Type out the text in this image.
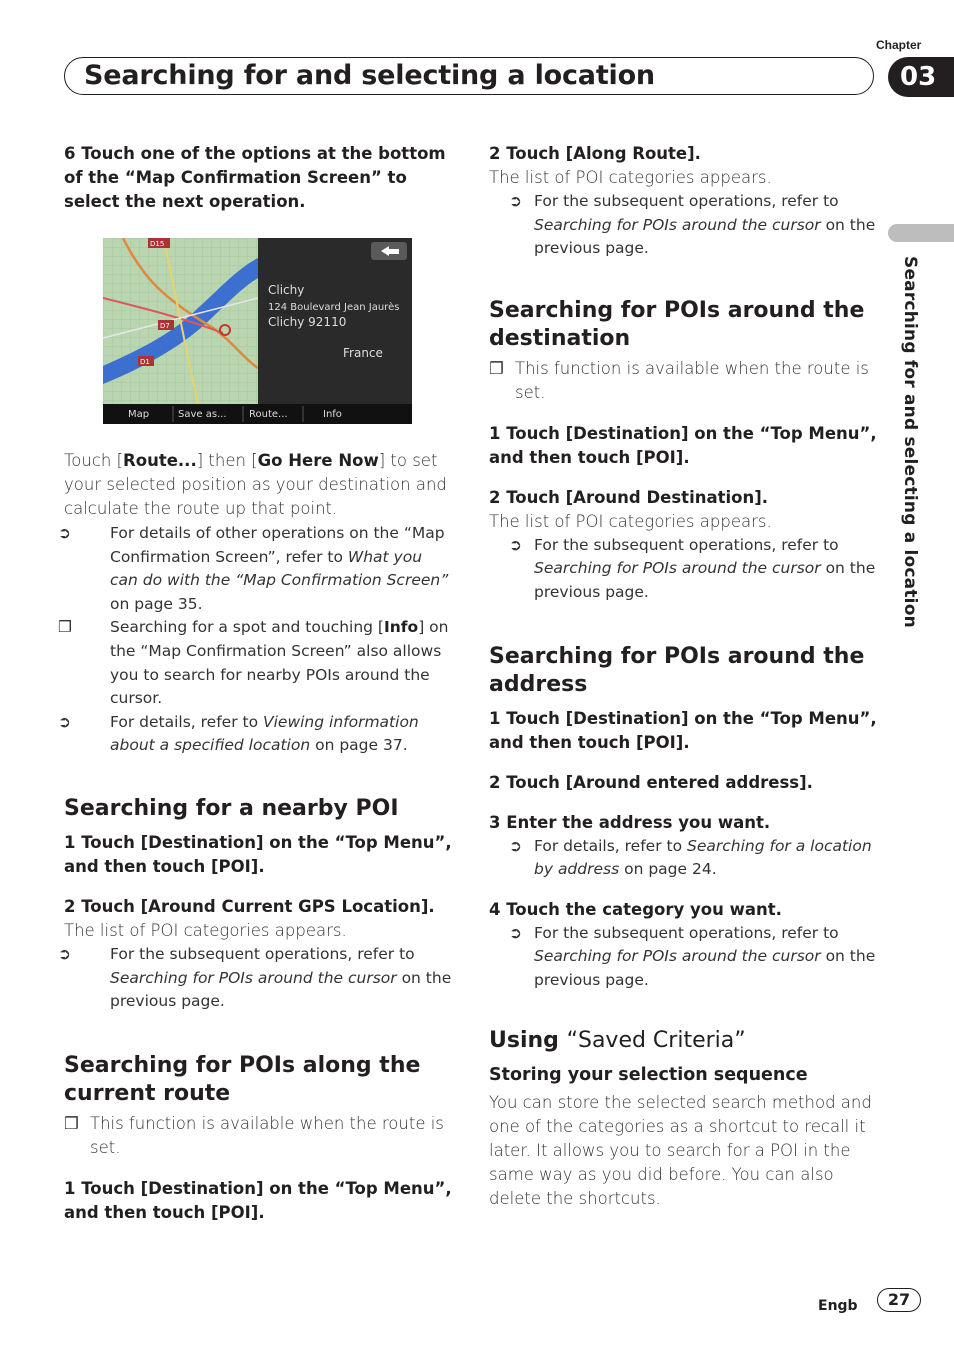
Chapter
Searching for and selecting a location	03
Searching for and selecting a location

6 Touch one of the options at the bottom of the “Map Confirmation Screen” to select the next operation.

D15
D7
D1
Clichy
124 Boulevard Jean Jaurès
Clichy 92110
France
Map	Save as... Route...	Info

Touch [Route...] then [Go Here Now] to set your selected position as your destination and calculate the route up that point.

➲	For details of other operations on the “Map Confirmation Screen”, refer to What you can do with the “Map Confirmation Screen” on page 35.
❒ Searching for a spot and touching [Info] on the “Map Confirmation Screen” also allows you to search for nearby POIs around the cursor.
➲	For details, refer to Viewing information about a specified location on page 37.
Searching for a nearby POI

1 Touch [Destination] on the “Top Menu”, and then touch [POI].

2 Touch [Around Current GPS Location].

The list of POI categories appears.

➲	For the subsequent operations, refer to Searching for POIs around the cursor on the previous page.
Searching for POIs along the current route
❒ This function is available when the route is set.

1 Touch [Destination] on the “Top Menu”, and then touch [POI].

2 Touch [Along Route].

The list of POI categories appears.

➲ For the subsequent operations, refer to Searching for POIs around the cursor on the previous page.
Searching for POIs around the destination
❒ This function is available when the route is set.

1 Touch [Destination] on the “Top Menu”, and then touch [POI].

2 Touch [Around Destination].

The list of POI categories appears.

➲ For the subsequent operations, refer to Searching for POIs around the cursor on the previous page.
Searching for POIs around the address

1 Touch [Destination] on the “Top Menu”, and then touch [POI].

2 Touch [Around entered address].

3 Enter the address you want.

➲ For details, refer to Searching for a location by address on page 24.

4 Touch the category you want.

➲ For the subsequent operations, refer to Searching for POIs around the cursor on the previous page.
Using “Saved Criteria”
Storing your selection sequence

You can store the selected search method and one of the categories as a shortcut to recall it later. It allows you to search for a POI in the same way as you did before. You can also delete the shortcuts.

Engb	27
